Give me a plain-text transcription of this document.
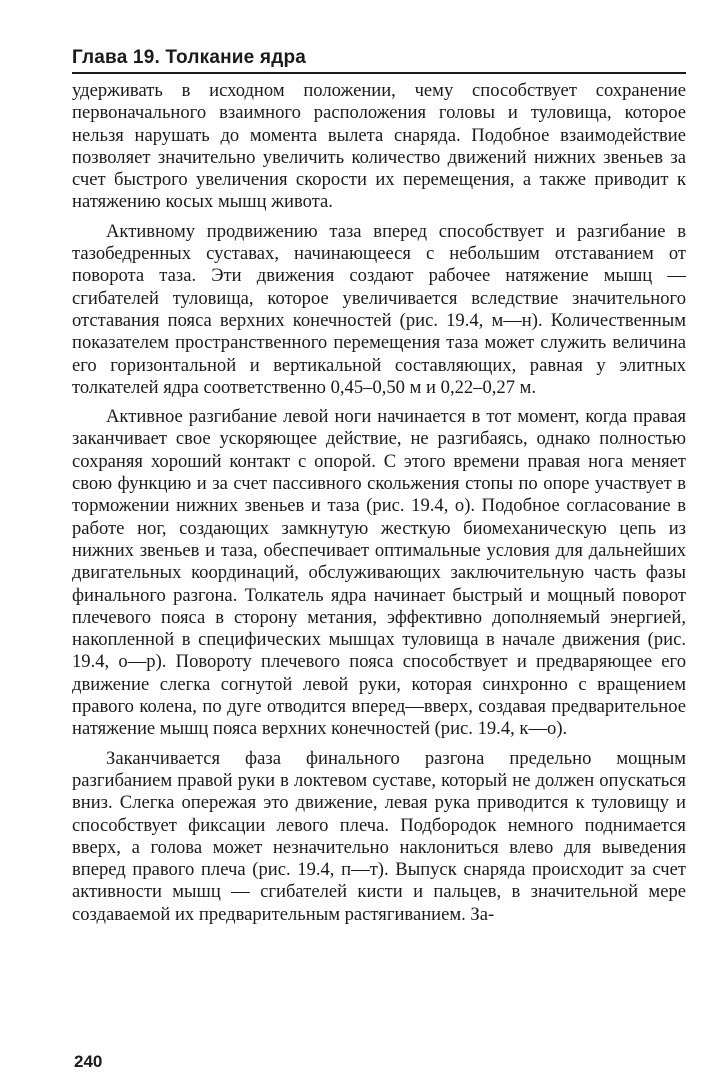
Глава 19. Толкание ядра

удерживать в исходном положении, чему способствует сохранение первоначального взаимного расположения головы и туловища, которое нельзя нарушать до момента вылета снаряда. Подобное взаимодействие позволяет значительно увеличить количество движений нижних звеньев за счет быстрого увеличения скорости их перемещения, а также приводит к натяжению косых мышц живота.

Активному продвижению таза вперед способствует и разгибание в тазобедренных суставах, начинающееся с небольшим отставанием от поворота таза. Эти движения создают рабочее натяжение мышц — сгибателей туловища, которое увеличивается вследствие значительного отставания пояса верхних конечностей (рис. 19.4, м—н). Количественным показателем пространственного перемещения таза может служить величина его горизонтальной и вертикальной составляющих, равная у элитных толкателей ядра соответственно 0,45–0,50 м и 0,22–0,27 м.

Активное разгибание левой ноги начинается в тот момент, когда правая заканчивает свое ускоряющее действие, не разгибаясь, однако полностью сохраняя хороший контакт с опорой. С этого времени правая нога меняет свою функцию и за счет пассивного скольжения стопы по опоре участвует в торможении нижних звеньев и таза (рис. 19.4, о). Подобное согласование в работе ног, создающих замкнутую жесткую биомеханическую цепь из нижних звеньев и таза, обеспечивает оптимальные условия для дальнейших двигательных координаций, обслуживающих заключительную часть фазы финального разгона. Толкатель ядра начинает быстрый и мощный поворот плечевого пояса в сторону метания, эффективно дополняемый энергией, накопленной в специфических мышцах туловища в начале движения (рис. 19.4, о—р). Повороту плечевого пояса способствует и предваряющее его движение слегка согнутой левой руки, которая синхронно с вращением правого колена, по дуге отводится вперед—вверх, создавая предварительное натяжение мышц пояса верхних конечностей (рис. 19.4, к—о).

Заканчивается фаза финального разгона предельно мощным разгибанием правой руки в локтевом суставе, который не должен опускаться вниз. Слегка опережая это движение, левая рука приводится к туловищу и способствует фиксации левого плеча. Подбородок немного поднимается вверх, а голова может незначительно наклониться влево для выведения вперед правого плеча (рис. 19.4, п—т). Выпуск снаряда происходит за счет активности мышц — сгибателей кисти и пальцев, в значительной мере создаваемой их предварительным растягиванием. За-

240
